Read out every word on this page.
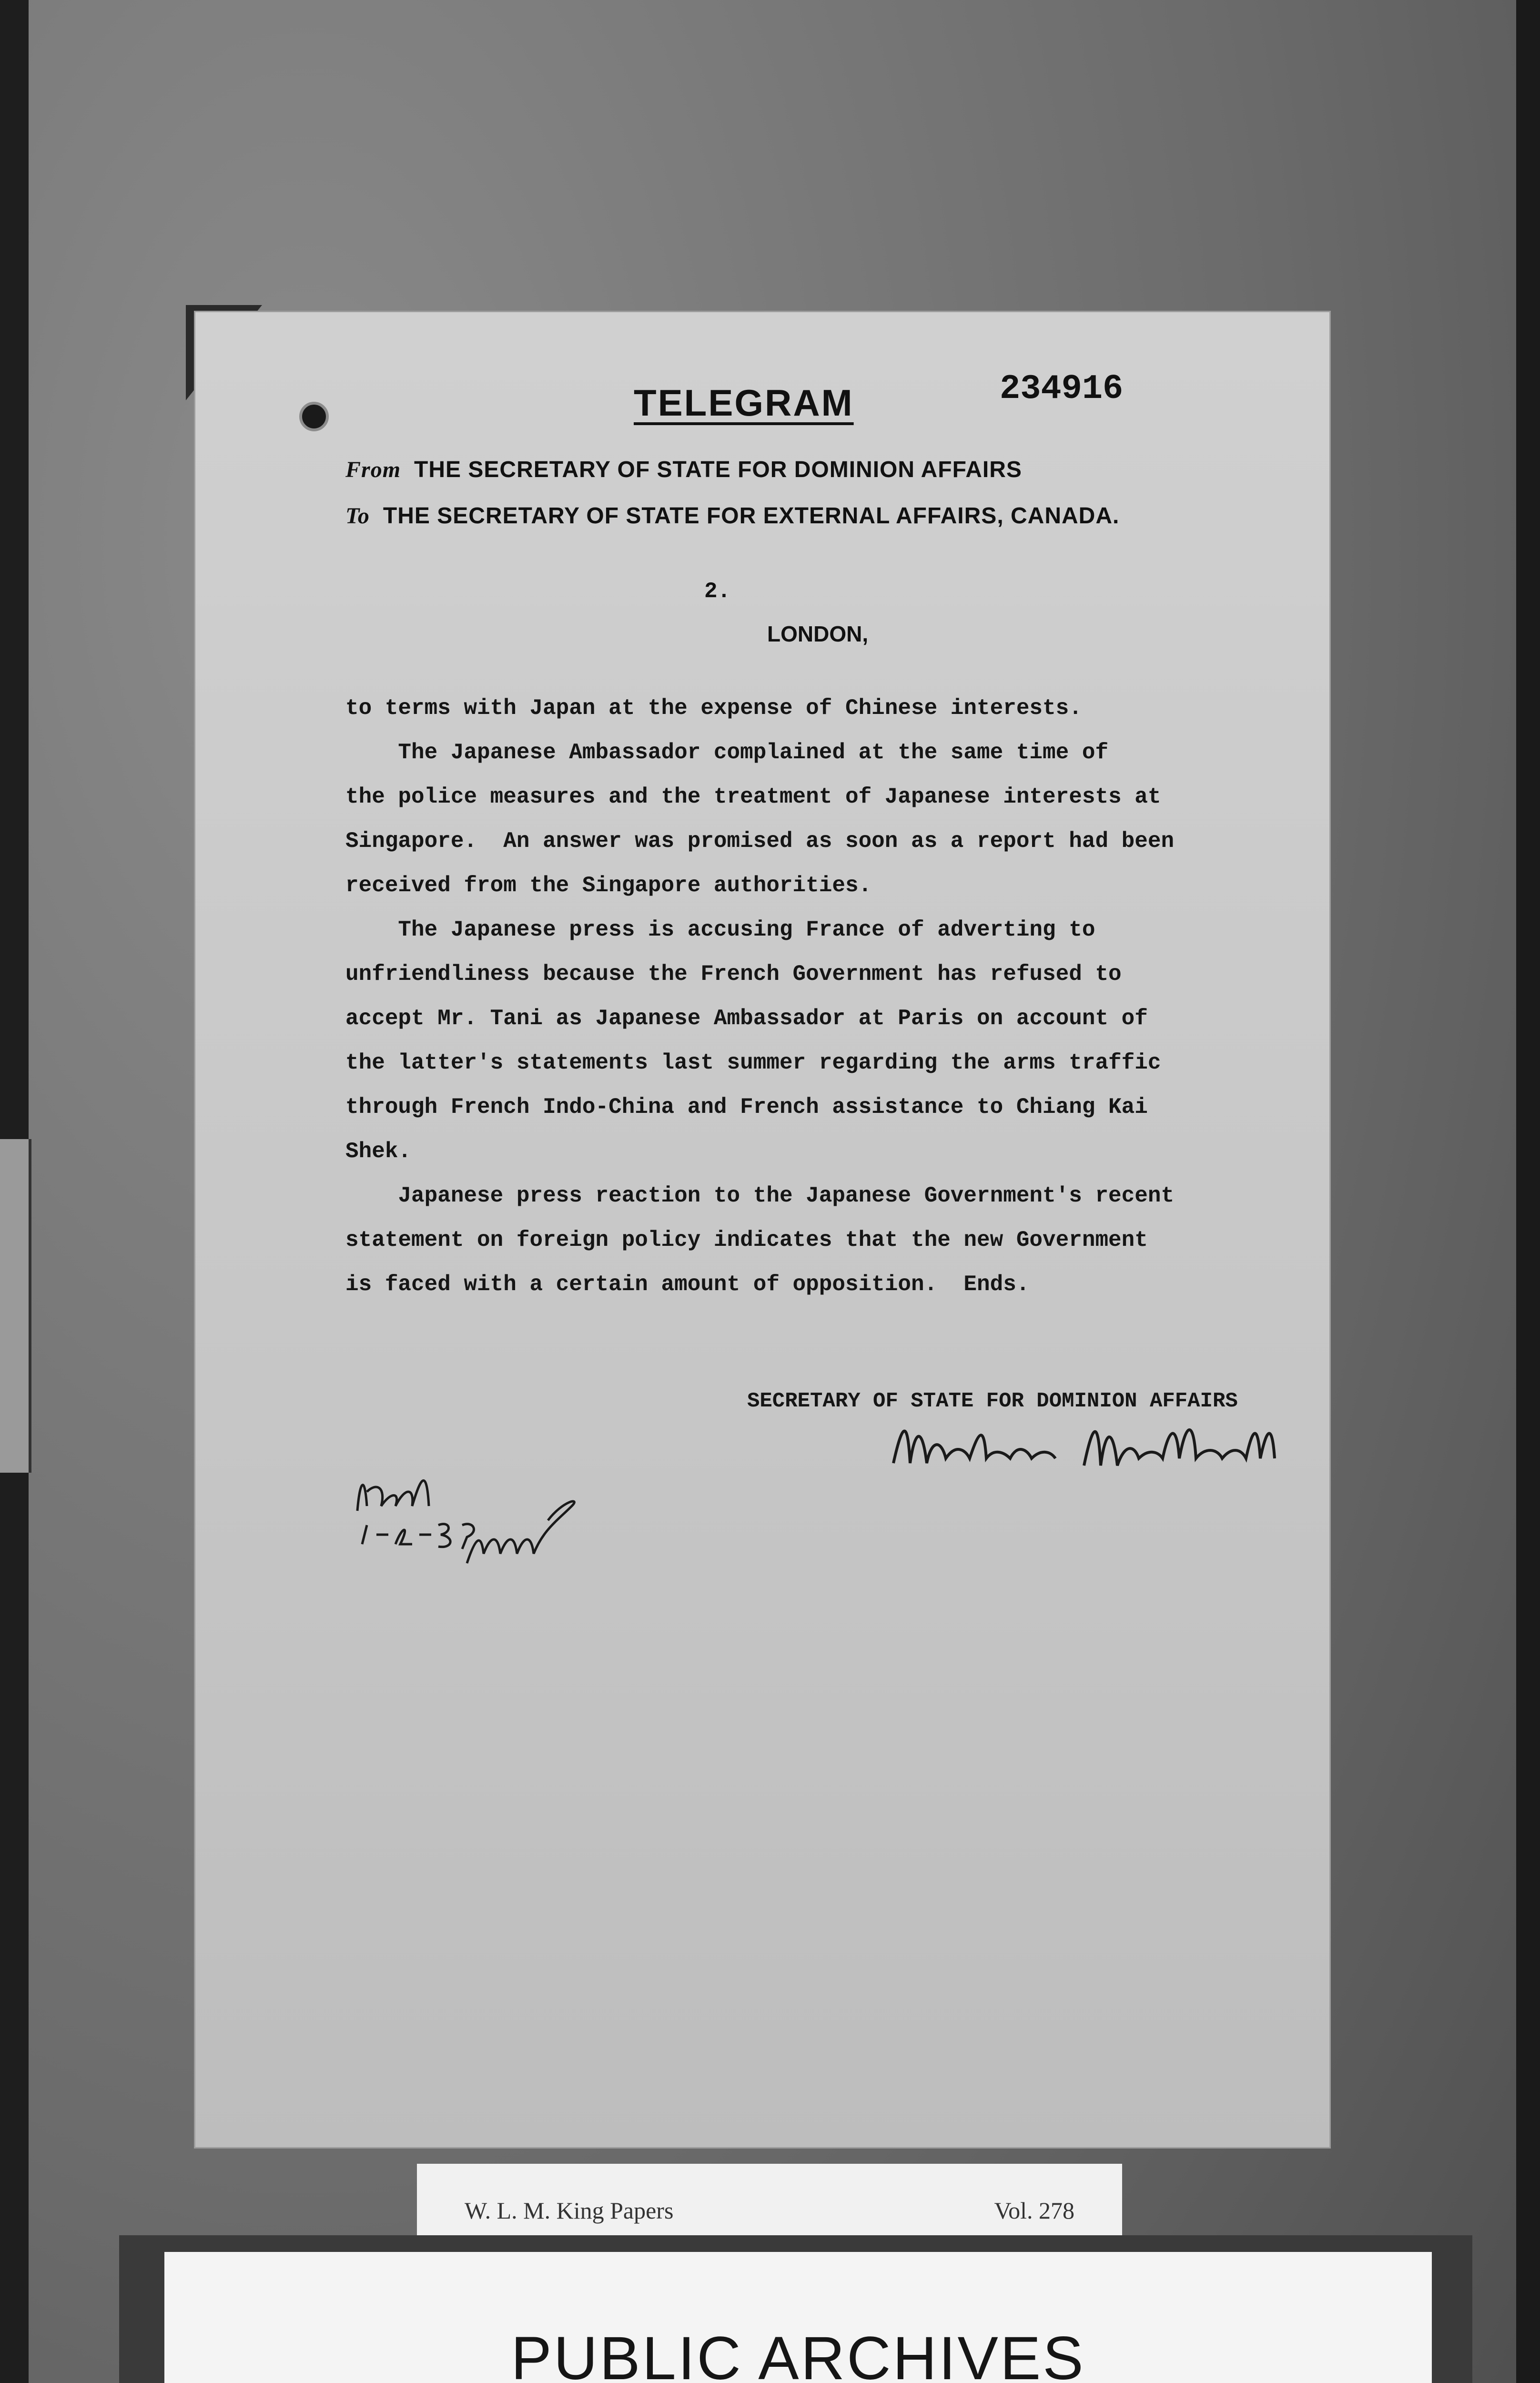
TELEGRAM	234916
From THE SECRETARY OF STATE FOR DOMINION AFFAIRS
To THE SECRETARY OF STATE FOR EXTERNAL AFFAIRS, CANADA.
2.
LONDON,
to terms with Japan at the expense of Chinese interests.
The Japanese Ambassador complained at the same time of
the police measures and the treatment of Japanese interests at
Singapore.  An answer was promised as soon as a report had been
received from the Singapore authorities.
The Japanese press is accusing France of adverting to
unfriendliness because the French Government has refused to
accept Mr. Tani as Japanese Ambassador at Paris on account of
the latter's statements last summer regarding the arms traffic
through French Indo-China and French assistance to Chiang Kai
Shek.
Japanese press reaction to the Japanese Government's recent
statement on foreign policy indicates that the new Government
is faced with a certain amount of opposition.  Ends.
SECRETARY OF STATE FOR DOMINION AFFAIRS
W. L. M. King Papers	Vol. 278
PUBLIC ARCHIVES
